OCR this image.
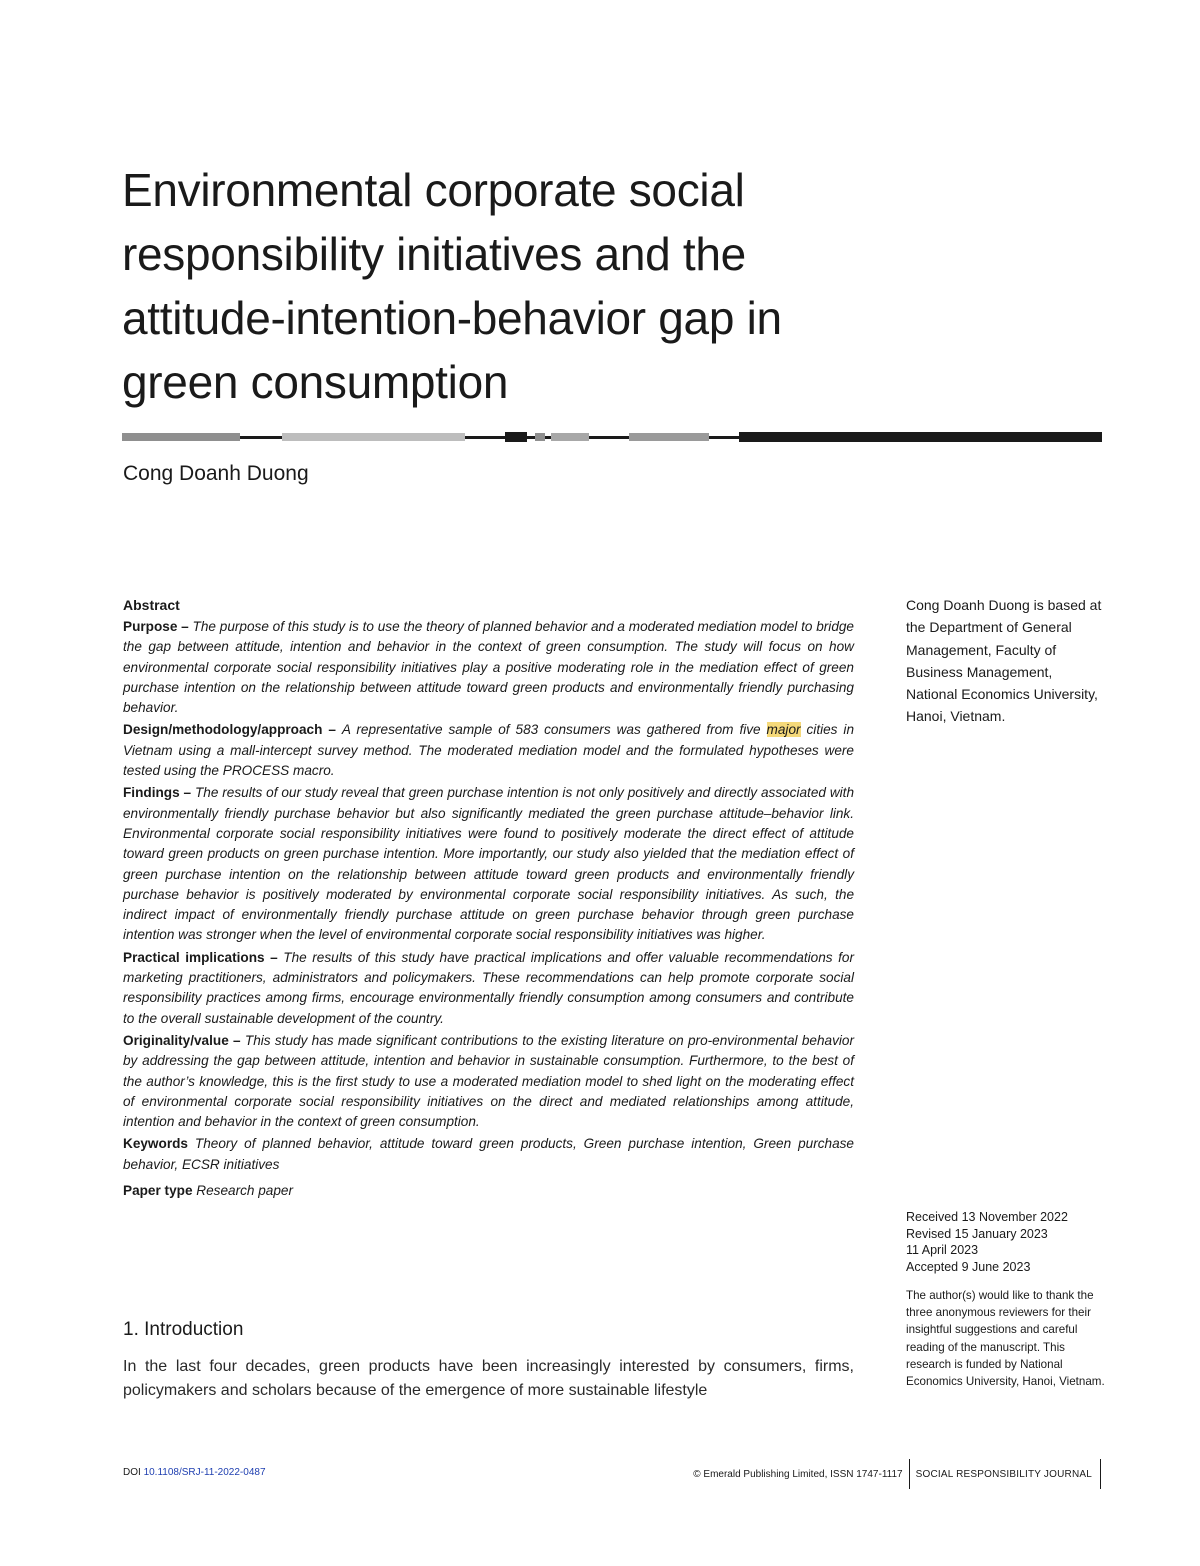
Environmental corporate social
responsibility initiatives and the
attitude-intention-behavior gap in
green consumption
Cong Doanh Duong

Abstract

Purpose – The purpose of this study is to use the theory of planned behavior and a moderated mediation model to bridge the gap between attitude, intention and behavior in the context of green consumption. The study will focus on how environmental corporate social responsibility initiatives play a positive moderating role in the mediation effect of green purchase intention on the relationship between attitude toward green products and environmentally friendly purchasing behavior.

Design/methodology/approach – A representative sample of 583 consumers was gathered from five major cities in Vietnam using a mall-intercept survey method. The moderated mediation model and the formulated hypotheses were tested using the PROCESS macro.

Findings – The results of our study reveal that green purchase intention is not only positively and directly associated with environmentally friendly purchase behavior but also significantly mediated the green purchase attitude–behavior link. Environmental corporate social responsibility initiatives were found to positively moderate the direct effect of attitude toward green products on green purchase intention. More importantly, our study also yielded that the mediation effect of green purchase intention on the relationship between attitude toward green products and environmentally friendly purchase behavior is positively moderated by environmental corporate social responsibility initiatives. As such, the indirect impact of environmentally friendly purchase attitude on green purchase behavior through green purchase intention was stronger when the level of environmental corporate social responsibility initiatives was higher.

Practical implications – The results of this study have practical implications and offer valuable recommendations for marketing practitioners, administrators and policymakers. These recommendations can help promote corporate social responsibility practices among firms, encourage environmentally friendly consumption among consumers and contribute to the overall sustainable development of the country.

Originality/value – This study has made significant contributions to the existing literature on pro-environmental behavior by addressing the gap between attitude, intention and behavior in sustainable consumption. Furthermore, to the best of the author’s knowledge, this is the first study to use a moderated mediation model to shed light on the moderating effect of environmental corporate social responsibility initiatives on the direct and mediated relationships among attitude, intention and behavior in the context of green consumption.

Keywords Theory of planned behavior, attitude toward green products, Green purchase intention, Green purchase behavior, ECSR initiatives

Paper type Research paper

1. Introduction

In the last four decades, green products have been increasingly interested by consumers, firms, policymakers and scholars because of the emergence of more sustainable lifestyle

Cong Doanh Duong is based at the Department of General Management, Faculty of Business Management, National Economics University, Hanoi, Vietnam.

Received 13 November 2022
Revised 15 January 2023
11 April 2023
Accepted 9 June 2023

The author(s) would like to thank the three anonymous reviewers for their insightful suggestions and careful reading of the manuscript. This research is funded by National Economics University, Hanoi, Vietnam.

DOI 10.1108/SRJ-11-2022-0487	© Emerald Publishing Limited, ISSN 1747-1117	SOCIAL RESPONSIBILITY JOURNAL
